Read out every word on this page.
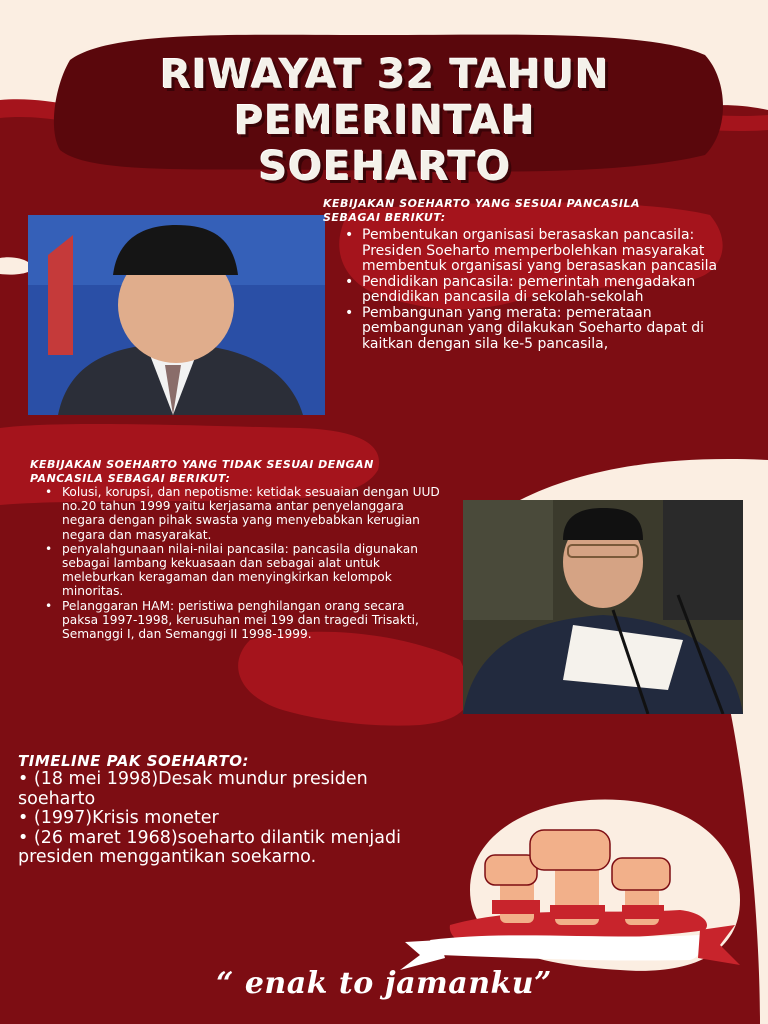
RIWAYAT 32 TAHUN
PEMERINTAH
SOEHARTO
KEBIJAKAN SOEHARTO YANG SESUAI PANCASILA SEBAGAI BERIKUT:
• Pembentukan organisasi berasaskan pancasila: Presiden Soeharto memperbolehkan masyarakat membentuk organisasi yang berasaskan pancasila
• Pendidikan pancasila: pemerintah mengadakan pendidikan pancasila di sekolah-sekolah
• Pembangunan yang merata: pemerataan pembangunan yang dilakukan Soeharto dapat di kaitkan dengan sila ke-5 pancasila,
KEBIJAKAN SOEHARTO YANG TIDAK SESUAI DENGAN PANCASILA SEBAGAI BERIKUT:
• Kolusi, korupsi, dan nepotisme: ketidak sesuaian dengan UUD no.20 tahun 1999 yaitu kerjasama antar penyelanggara negara dengan pihak swasta yang menyebabkan kerugian negara dan masyarakat.
• penyalahgunaan nilai-nilai pancasila: pancasila digunakan sebagai lambang kekuasaan dan sebagai alat untuk meleburkan keragaman dan menyingkirkan kelompok minoritas.
• Pelanggaran HAM: peristiwa penghilangan orang secara paksa 1997-1998, kerusuhan mei 199 dan tragedi Trisakti, Semanggi I, dan Semanggi II 1998-1999.
TIMELINE PAK SOEHARTO:
• (18 mei 1998)Desak mundur presiden soeharto
• (1997)Krisis moneter
• (26 maret 1968)soeharto dilantik menjadi presiden menggantikan soekarno.
“ enak to jamanku”
